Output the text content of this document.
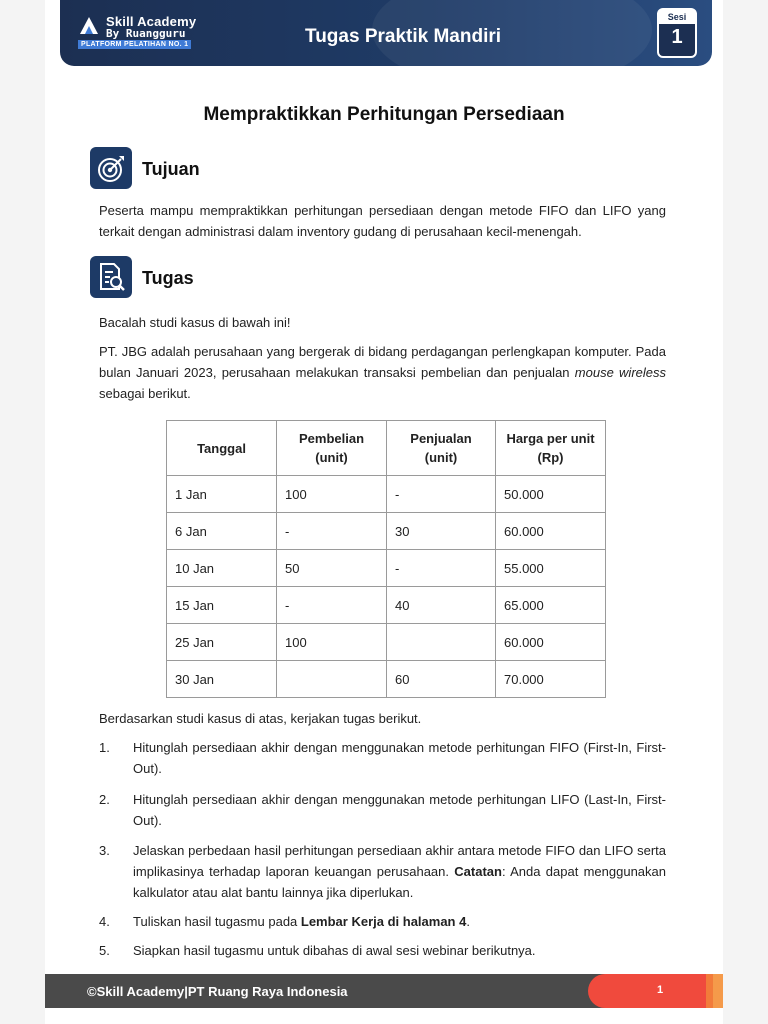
Skill Academy
By Ruangguru
PLATFORM PELATIHAN NO. 1	Tugas Praktik Mandiri
Sesi
1
Mempraktikkan Perhitungan Persediaan
Tujuan
Peserta mampu mempraktikkan perhitungan persediaan dengan metode FIFO dan LIFO yang terkait dengan administrasi dalam inventory gudang di perusahaan kecil-menengah.
Tugas
Bacalah studi kasus di bawah ini!
PT. JBG adalah perusahaan yang bergerak di bidang perdagangan perlengkapan komputer. Pada bulan Januari 2023, perusahaan melakukan transaksi pembelian dan penjualan mouse wireless sebagai berikut.
Tanggal	Pembelian (unit)	Penjualan (unit)	Harga per unit (Rp)
1 Jan	100	-	50.000
6 Jan	-	30	60.000
10 Jan	50	-	55.000
15 Jan	-	40	65.000
25 Jan	100		60.000
30 Jan		60	70.000
Berdasarkan studi kasus di atas, kerjakan tugas berikut.
1. Hitunglah persediaan akhir dengan menggunakan metode perhitungan FIFO (First-In, First-Out).
2. Hitunglah persediaan akhir dengan menggunakan metode perhitungan LIFO (Last-In, First-Out).
3. Jelaskan perbedaan hasil perhitungan persediaan akhir antara metode FIFO dan LIFO serta implikasinya terhadap laporan keuangan perusahaan. Catatan: Anda dapat menggunakan kalkulator atau alat bantu lainnya jika diperlukan.
4. Tuliskan hasil tugasmu pada Lembar Kerja di halaman 4.
5. Siapkan hasil tugasmu untuk dibahas di awal sesi webinar berikutnya.
©Skill Academy|PT Ruang Raya Indonesia	1
